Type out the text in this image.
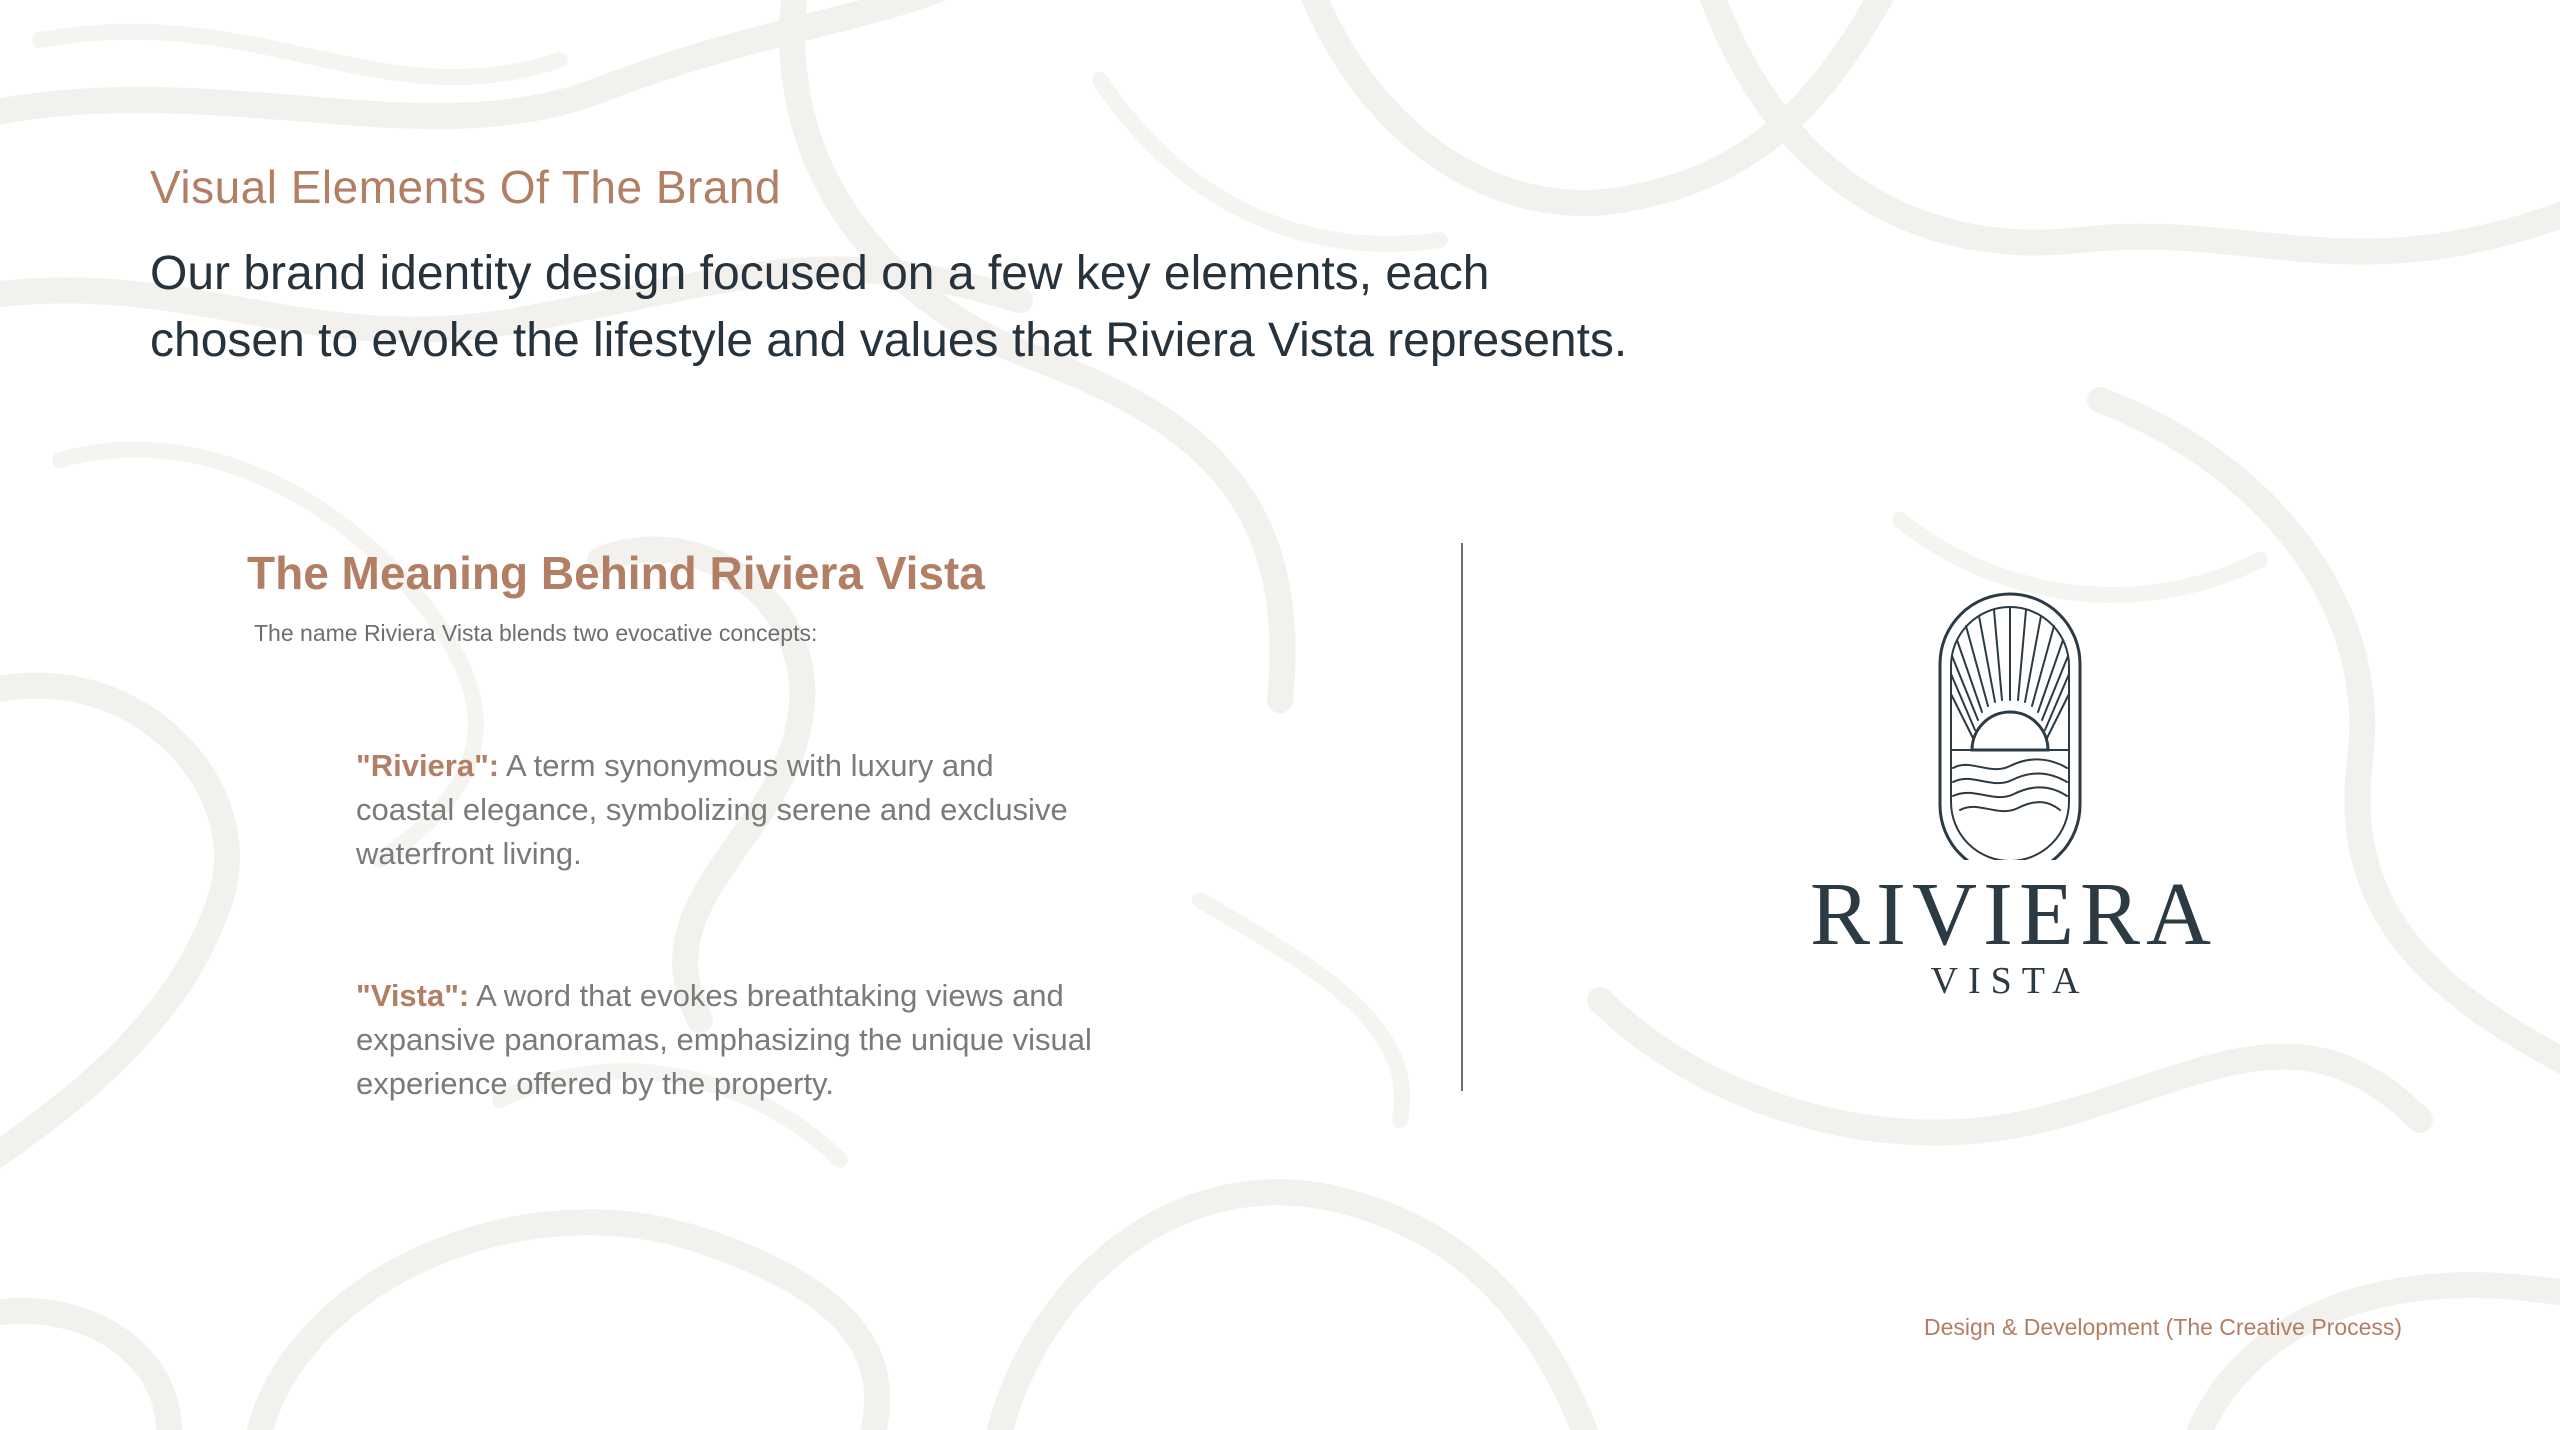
Visual Elements Of The Brand
Our brand identity design focused on a few key elements, each
chosen to evoke the lifestyle and values that Riviera Vista represents.
The Meaning Behind Riviera Vista
The name Riviera Vista blends two evocative concepts:
"Riviera": A term synonymous with luxury and coastal elegance, symbolizing serene and exclusive waterfront living.
"Vista": A word that evokes breathtaking views and expansive panoramas, emphasizing the unique visual experience offered by the property.
RIVIERA
VISTA
Design & Development (The Creative Process)
